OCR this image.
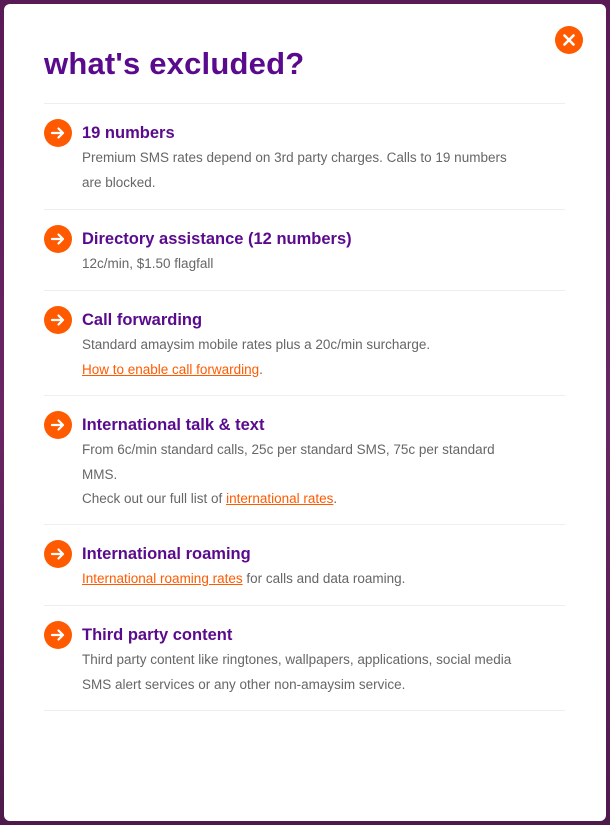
what's excluded?
19 numbers
Premium SMS rates depend on 3rd party charges. Calls to 19 numbers
are blocked.
Directory assistance (12 numbers)
12c/min, $1.50 flagfall
Call forwarding
Standard amaysim mobile rates plus a 20c/min surcharge.
How to enable call forwarding.
International talk & text
From 6c/min standard calls, 25c per standard SMS, 75c per standard
MMS.
Check out our full list of international rates.
International roaming
International roaming rates for calls and data roaming.
Third party content
Third party content like ringtones, wallpapers, applications, social media
SMS alert services or any other non-amaysim service.
